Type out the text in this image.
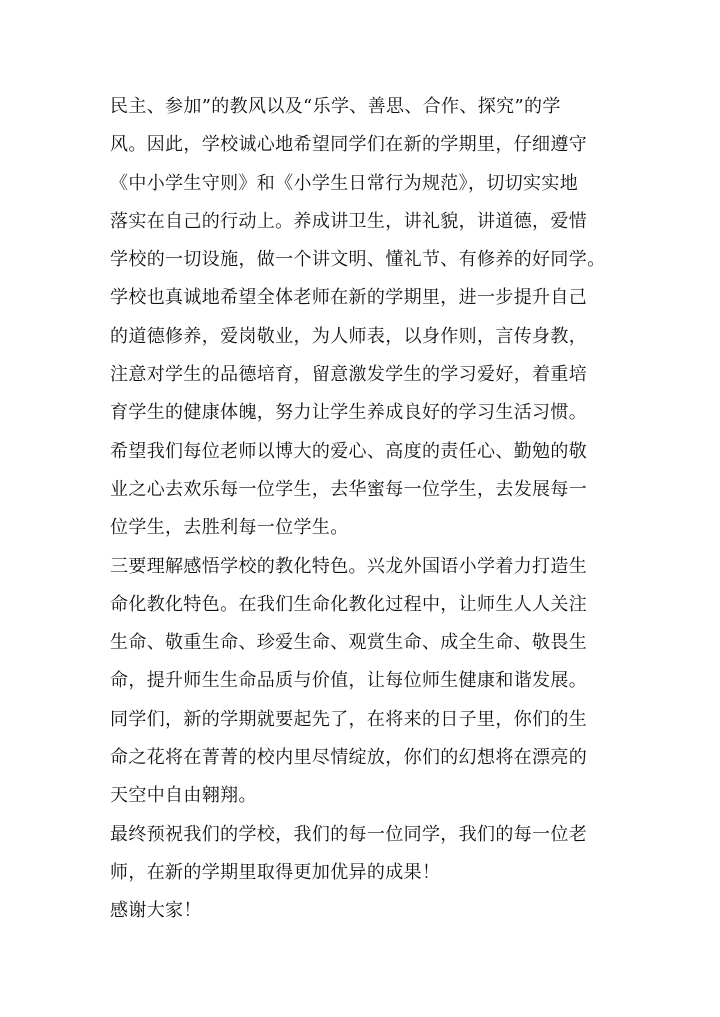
民主、参加”的教风以及“乐学、善思、合作、探究”的学
风。因此，学校诚心地希望同学们在新的学期里，仔细遵守
《中小学生守则》和《小学生日常行为规范》，切切实实地
落实在自己的行动上。养成讲卫生，讲礼貌，讲道德，爱惜
学校的一切设施，做一个讲文明、懂礼节、有修养的好同学。
学校也真诚地希望全体老师在新的学期里，进一步提升自己
的道德修养，爱岗敬业，为人师表，以身作则，言传身教，
注意对学生的品德培育，留意激发学生的学习爱好，着重培
育学生的健康体魄，努力让学生养成良好的学习生活习惯。
希望我们每位老师以博大的爱心、高度的责任心、勤勉的敬
业之心去欢乐每一位学生，去华蜜每一位学生，去发展每一
位学生，去胜利每一位学生。
三要理解感悟学校的教化特色。兴龙外国语小学着力打造生
命化教化特色。在我们生命化教化过程中，让师生人人关注
生命、敬重生命、珍爱生命、观赏生命、成全生命、敬畏生
命，提升师生生命品质与价值，让每位师生健康和谐发展。
同学们，新的学期就要起先了，在将来的日子里，你们的生
命之花将在菁菁的校内里尽情绽放，你们的幻想将在漂亮的
天空中自由翱翔。
最终预祝我们的学校，我们的每一位同学，我们的每一位老
师，在新的学期里取得更加优异的成果！
感谢大家！
